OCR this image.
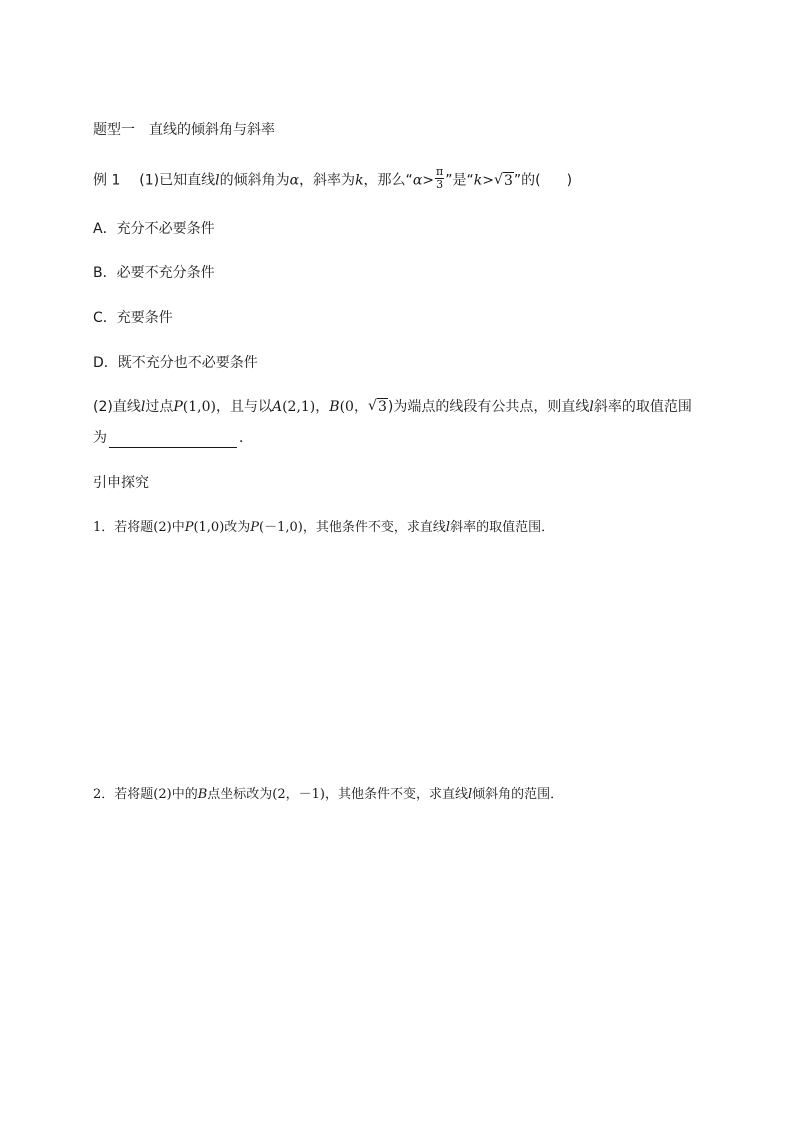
题型一　直线的倾斜角与斜率
例 1 (1)已知直线l的倾斜角为α，斜率为k，那么“$\alpha> \frac{\pi}{3}$ ”是“k> √ 3”的( )
A．充分不必要条件
B．必要不充分条件
C．充要条件
D．既不充分也不必要条件
(2)直线l过点P(1,0)，且与以A(2,1)，B(0， √ 3)为端点的线段有公共点，则直线l斜率的取值范围
为	．
引申探究
1．若将题(2)中P(1,0)改为P(－1,0)，其他条件不变，求直线l斜率的取值范围．
2．若将题(2)中的B点坐标改为(2，－1)，其他条件不变，求直线l倾斜角的范围．
